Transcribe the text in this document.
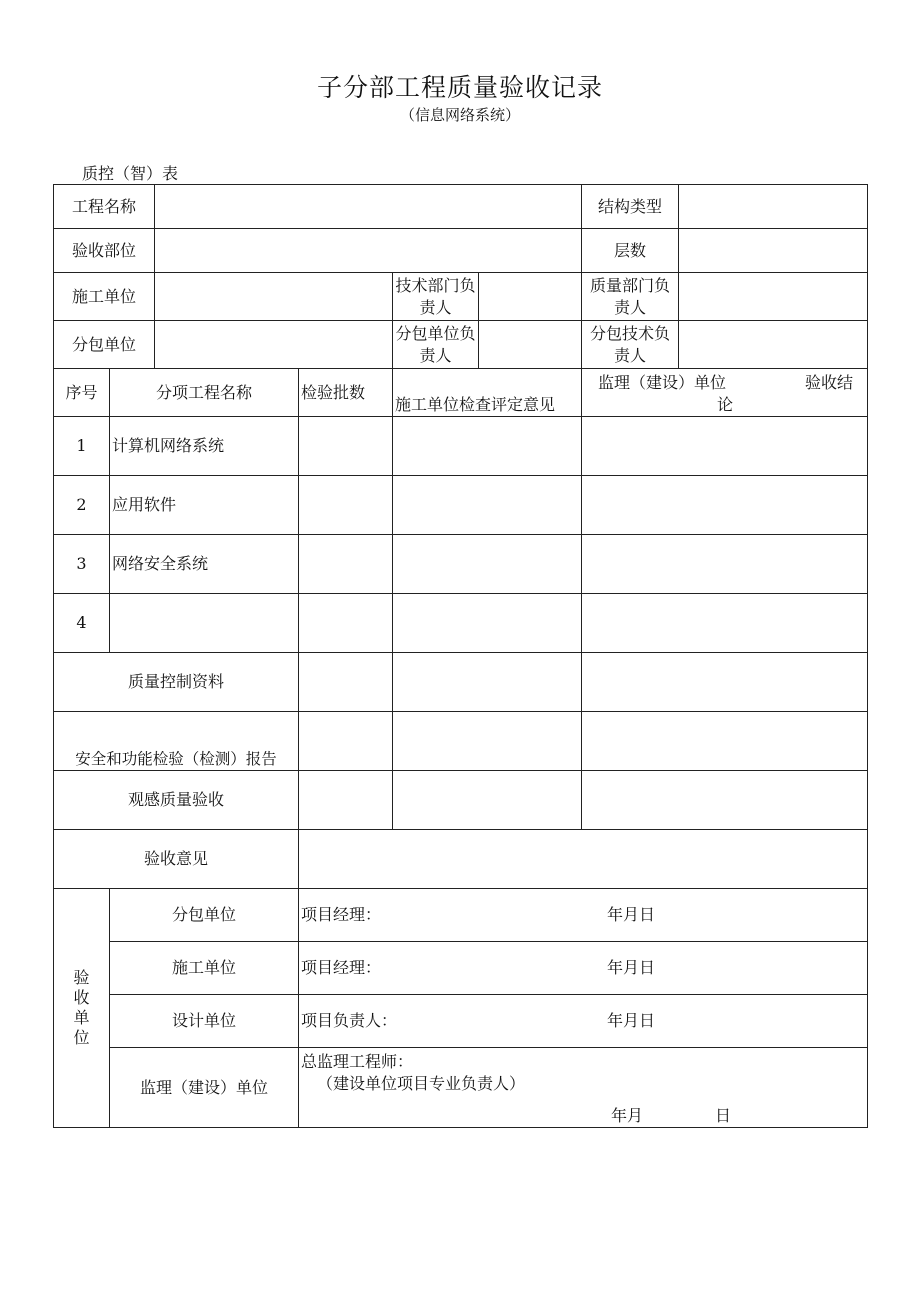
子分部工程质量验收记录
（信息网络系统）
质控（智）表
工程名称						结构类型	
验收部位						层数	
施工单位				技术部门负责人		质量部门负责人	
分包单位				分包单位负责人		分包技术负责人	
序号	分项工程名称		检验批数	施工单位检查评定意见		监理（建设）单位 验收结
论	

1	计算机网络系统						
2	应用软件						
3	网络安全系统						
4							
质量控制资料							
安全和功能检验（检测）报告							
观感质量验收							
验收意见							

验收单位	分包单位		项目经理： 年月日				

	施工单位		项目经理： 年月日				

	设计单位		项目负责人： 年月日				

	监理（建设）单位		总监理工程师：
（建设单位项目专业负责人）
年月 日				
